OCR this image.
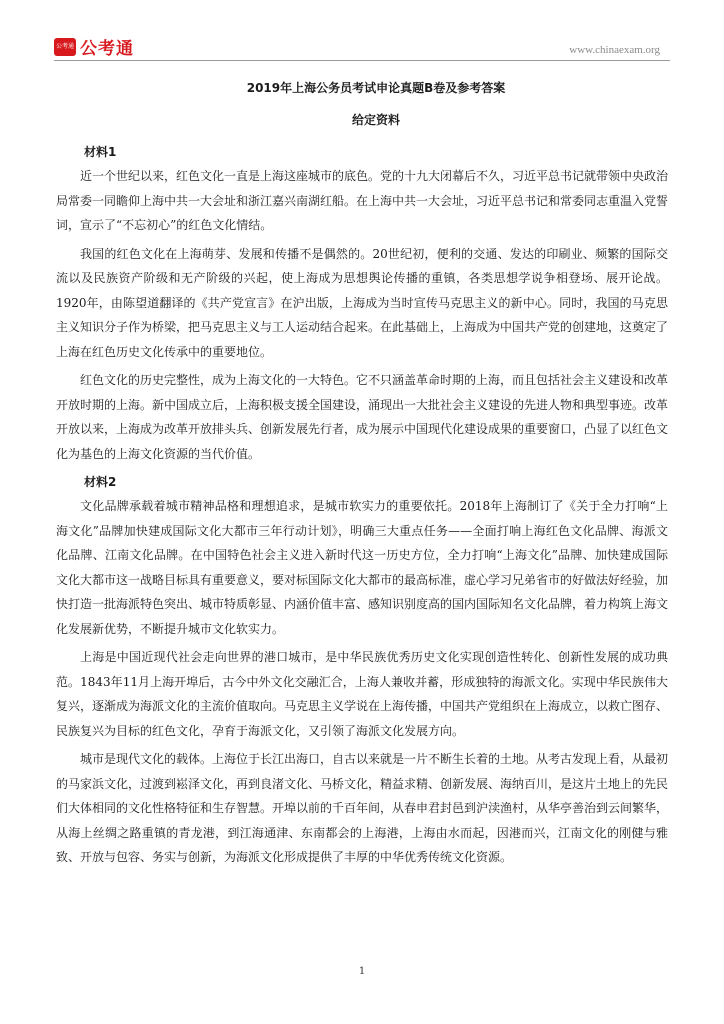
公考通 公考通	www.chinaexam.org
2019年上海公务员考试申论真题B卷及参考答案
给定资料
材料1

近一个世纪以来，红色文化一直是上海这座城市的底色。党的十九大闭幕后不久，习近平总书记就带领中央政治局常委一同瞻仰上海中共一大会址和浙江嘉兴南湖红船。在上海中共一大会址，习近平总书记和常委同志重温入党誓词，宣示了“不忘初心”的红色文化情结。

我国的红色文化在上海萌芽、发展和传播不是偶然的。20世纪初，便利的交通、发达的印刷业、频繁的国际交流以及民族资产阶级和无产阶级的兴起，使上海成为思想舆论传播的重镇，各类思想学说争相登场、展开论战。1920年，由陈望道翻译的《共产党宣言》在沪出版，上海成为当时宣传马克思主义的新中心。同时，我国的马克思主义知识分子作为桥梁，把马克思主义与工人运动结合起来。在此基础上，上海成为中国共产党的创建地，这奠定了上海在红色历史文化传承中的重要地位。

红色文化的历史完整性，成为上海文化的一大特色。它不只涵盖革命时期的上海，而且包括社会主义建设和改革开放时期的上海。新中国成立后，上海积极支援全国建设，涌现出一大批社会主义建设的先进人物和典型事迹。改革开放以来，上海成为改革开放排头兵、创新发展先行者，成为展示中国现代化建设成果的重要窗口，凸显了以红色文化为基色的上海文化资源的当代价值。

材料2

文化品牌承载着城市精神品格和理想追求，是城市软实力的重要依托。2018年上海制订了《关于全力打响“上海文化”品牌加快建成国际文化大都市三年行动计划》，明确三大重点任务——全面打响上海红色文化品牌、海派文化品牌、江南文化品牌。在中国特色社会主义进入新时代这一历史方位，全力打响“上海文化”品牌、加快建成国际文化大都市这一战略目标具有重要意义，要对标国际文化大都市的最高标准，虚心学习兄弟省市的好做法好经验，加快打造一批海派特色突出、城市特质彰显、内涵价值丰富、感知识别度高的国内国际知名文化品牌，着力构筑上海文化发展新优势，不断提升城市文化软实力。

上海是中国近现代社会走向世界的港口城市，是中华民族优秀历史文化实现创造性转化、创新性发展的成功典范。1843年11月上海开埠后，古今中外文化交融汇合，上海人兼收并蓄，形成独特的海派文化。实现中华民族伟大复兴，逐渐成为海派文化的主流价值取向。马克思主义学说在上海传播，中国共产党组织在上海成立，以救亡图存、民族复兴为目标的红色文化，孕育于海派文化，又引领了海派文化发展方向。

城市是现代文化的载体。上海位于长江出海口，自古以来就是一片不断生长着的土地。从考古发现上看，从最初的马家浜文化，过渡到崧泽文化，再到良渚文化、马桥文化，精益求精、创新发展、海纳百川，是这片土地上的先民们大体相同的文化性格特征和生存智慧。开埠以前的千百年间，从春申君封邑到沪渎渔村，从华亭善治到云间繁华，从海上丝绸之路重镇的青龙港，到江海通津、东南都会的上海港，上海由水而起，因港而兴，江南文化的刚健与雅致、开放与包容、务实与创新，为海派文化形成提供了丰厚的中华优秀传统文化资源。

1
